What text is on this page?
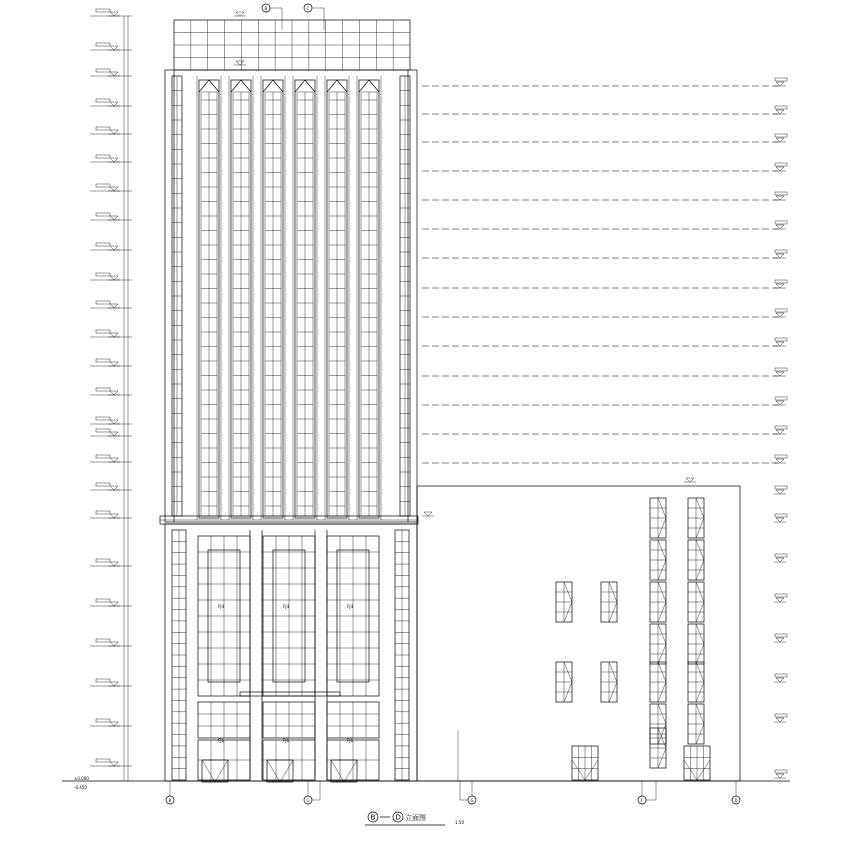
FJ4	FJ4	FJ4
FJ6	FJ6	FJ6
B	C
B	G	G	F	D
±0.000
-0.450
B	D 立面图
1:50
